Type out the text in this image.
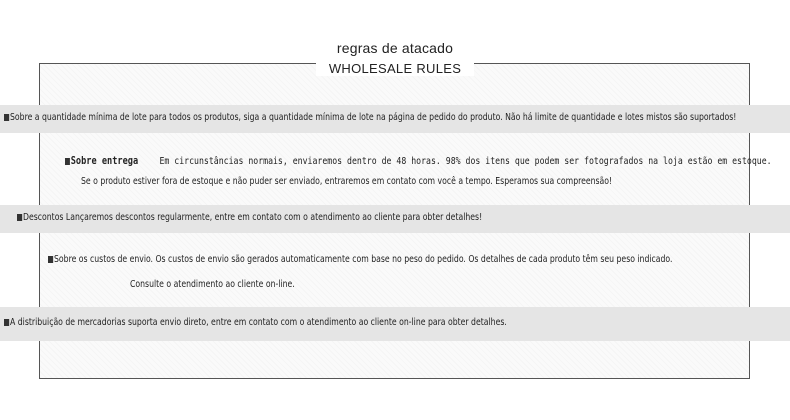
regras de atacado
WHOLESALE RULES
Sobre a quantidade mínima de lote para todos os produtos, siga a quantidade mínima de lote na página de pedido do produto. Não há limite de quantidade e lotes mistos são suportados!
Sobre entrega Em circunstâncias normais, enviaremos dentro de 48 horas. 98% dos itens que podem ser fotografados na loja estão em estoque.
Se o produto estiver fora de estoque e não puder ser enviado, entraremos em contato com você a tempo. Esperamos sua compreensão!
Descontos Lançaremos descontos regularmente, entre em contato com o atendimento ao cliente para obter detalhes!
Sobre os custos de envio. Os custos de envio são gerados automaticamente com base no peso do pedido. Os detalhes de cada produto têm seu peso indicado.
Consulte o atendimento ao cliente on-line.
A distribuição de mercadorias suporta envio direto, entre em contato com o atendimento ao cliente on-line para obter detalhes.
